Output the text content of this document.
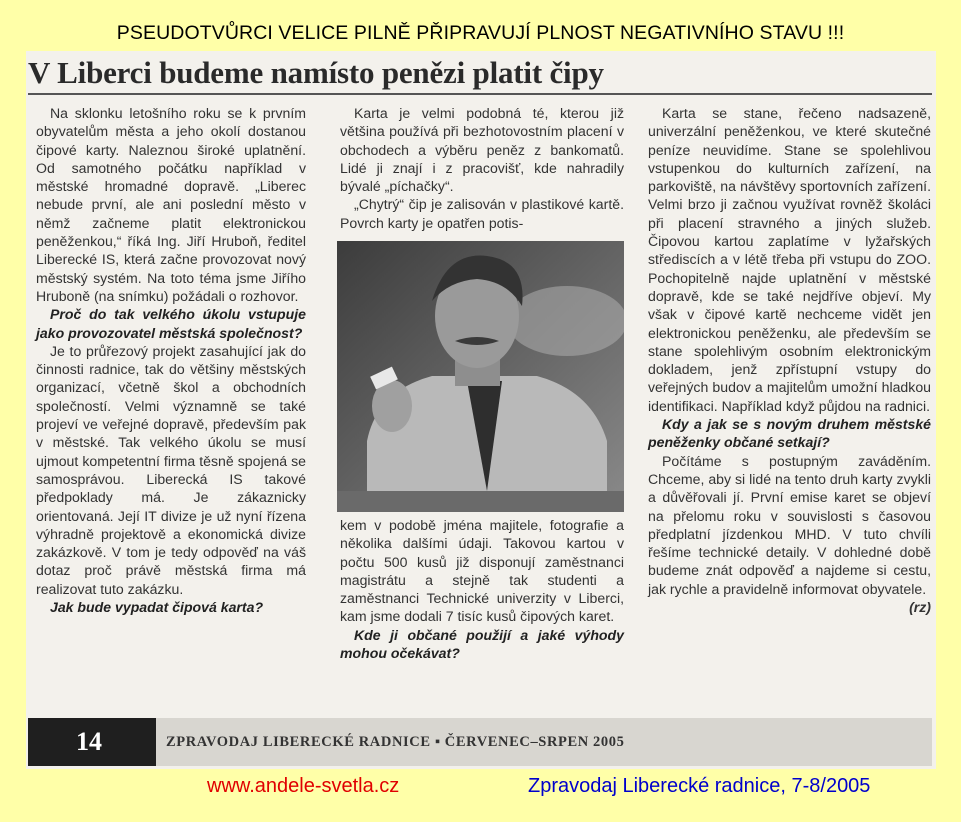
PSEUDOTVŮRCI VELICE PILNĚ PŘIPRAVUJÍ PLNOST NEGATIVNÍHO STAVU !!!
V Liberci budeme namísto penězi platit čipy

Na sklonku letošního roku se k prvním obyvatelům města a jeho okolí dostanou čipové karty. Naleznou široké uplatnění. Od samotného počátku například v městské hromadné dopravě. „Liberec nebude první, ale ani poslední město v němž začneme platit elektronickou peněženkou,“ říká Ing. Jiří Hruboň, ředitel Liberecké IS, která začne provozovat nový městský systém. Na toto téma jsme Jiřího Hruboně (na snímku) požádali o rozhovor.

Proč do tak velkého úkolu vstupuje jako provozovatel městská společnost?

Je to průřezový projekt zasahující jak do činnosti radnice, tak do většiny městských organizací, včetně škol a obchodních společností. Velmi významně se také projeví ve veřejné dopravě, především pak v městské. Tak velkého úkolu se musí ujmout kompetentní firma těsně spojená se samosprávou. Liberecká IS takové předpoklady má. Je zákaznicky orientovaná. Její IT divize je už nyní řízena výhradně projektově a ekonomická divize zakázkově. V tom je tedy odpověď na váš dotaz proč právě městská firma má realizovat tuto zakázku.

Jak bude vypadat čipová karta?

Karta je velmi podobná té, kterou již většina používá při bezhotovostním placení v obchodech a výběru peněz z bankomatů. Lidé ji znají i z pracovišť, kde nahradily bývalé „píchačky“.

„Chytrý“ čip je zalisován v plastikové kartě. Povrch karty je opatřen potis-

kem v podobě jména majitele, fotografie a několika dalšími údaji. Takovou kartou v počtu 500 kusů již disponují zaměstnanci magistrátu a stejně tak studenti a zaměstnanci Technické univerzity v Liberci, kam jsme dodali 7 tisíc kusů čipových karet.

Kde ji občané použijí a jaké výhody mohou očekávat?

Karta se stane, řečeno nadsazeně, univerzální peněženkou, ve které skutečné peníze neuvidíme. Stane se spolehlivou vstupenkou do kulturních zařízení, na parkoviště, na návštěvy sportovních zařízení. Velmi brzo ji začnou využívat rovněž školáci při placení stravného a jiných služeb. Čipovou kartou zaplatíme v lyžařských střediscích a v létě třeba při vstupu do ZOO. Pochopitelně najde uplatnění v městské dopravě, kde se také nejdříve objeví. My však v čipové kartě nechceme vidět jen elektronickou peněženku, ale především se stane spolehlivým osobním elektronickým dokladem, jenž zpřístupní vstupy do veřejných budov a majitelům umožní hladkou identifikaci. Například když půjdou na radnici.

Kdy a jak se s novým druhem městské peněženky občané setkají?

Počítáme s postupným zaváděním. Chceme, aby si lidé na tento druh karty zvykli a důvěřovali jí. První emise karet se objeví na přelomu roku v souvislosti s časovou předplatní jízdenkou MHD. V tuto chvíli řešíme technické detaily. V dohledné době budeme znát odpověď a najdeme si cestu, jak rychle a pravidelně informovat obyvatele.
(rz)

14	ZPRAVODAJ LIBERECKÉ RADNICE ▪ ČERVENEC–SRPEN 2005
www.andele-svetla.cz	Zpravodaj Liberecké radnice, 7-8/2005
